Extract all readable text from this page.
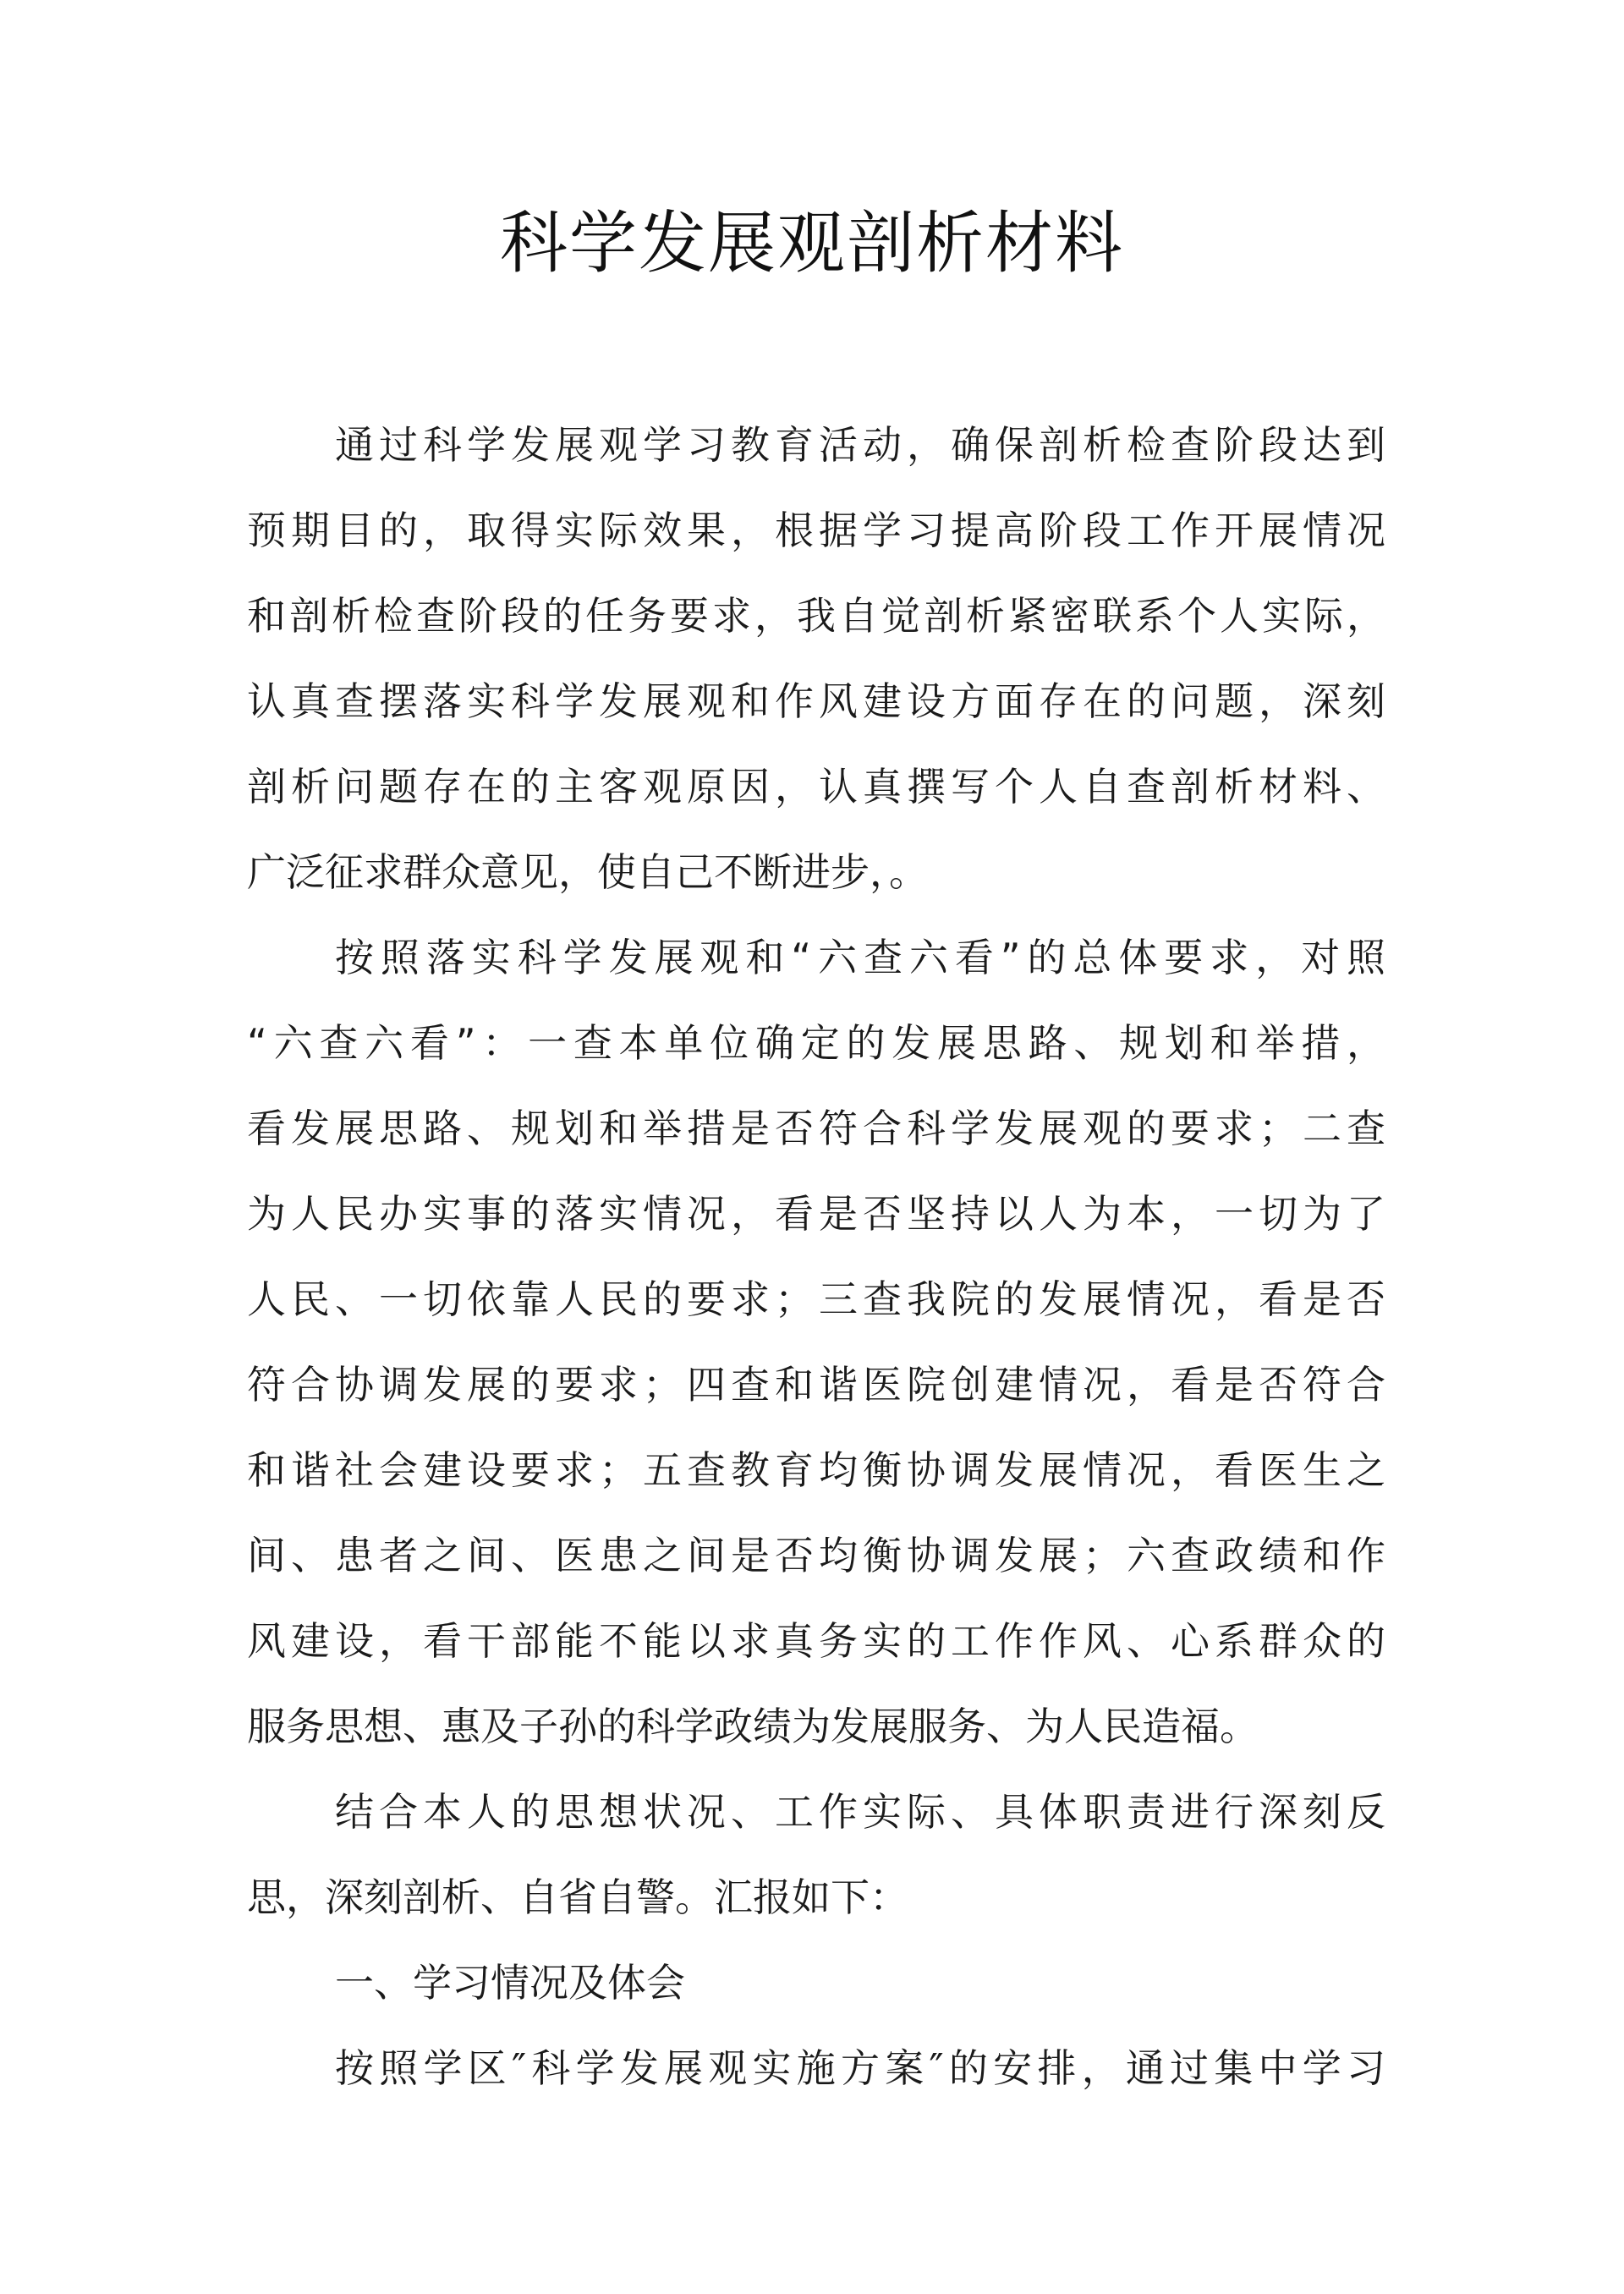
科学发展观剖析材料
通过科学发展观学习教育活动，确保剖析检查阶段达到
预期目的，取得实际效果，根据学习提高阶段工作开展情况
和剖析检查阶段的任务要求，我自觉剖析紧密联系个人实际，
认真查摆落实科学发展观和作风建设方面存在的问题，深刻
剖析问题存在的主客观原因，认真撰写个人自查剖析材料、
广泛征求群众意见，使自己不断进步，。
按照落实科学发展观和“六查六看”的总体要求，对照
“六查六看”：一查本单位确定的发展思路、规划和举措，
看发展思路、规划和举措是否符合科学发展观的要求；二查
为人民办实事的落实情况，看是否坚持以人为本，一切为了
人民、一切依靠人民的要求；三查我院的发展情况，看是否
符合协调发展的要求；四查和谐医院创建情况，看是否符合
和谐社会建设要求；五查教育均衡协调发展情况，看医生之
间、患者之间、医患之间是否均衡协调发展；六查政绩和作
风建设，看干部能不能以求真务实的工作作风、心系群众的
服务思想、惠及子孙的科学政绩为发展服务、为人民造福。
结合本人的思想状况、工作实际、具体职责进行深刻反
思，深刻剖析、自省自警。汇报如下：
一、学习情况及体会
按照学区″科学发展观实施方案″的安排，通过集中学习
